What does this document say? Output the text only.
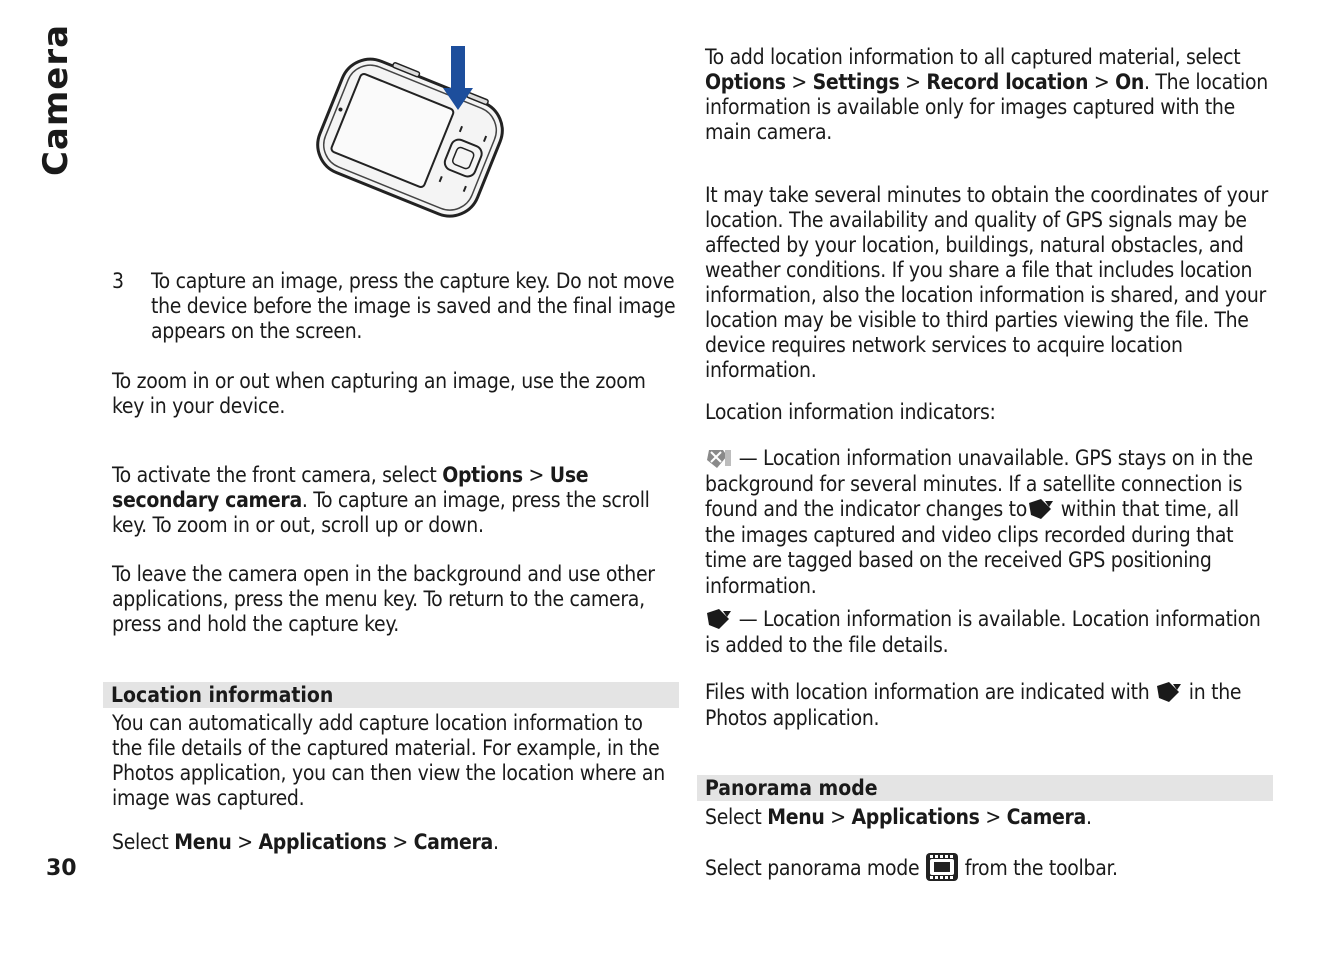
Camera
3	To capture an image, press the capture key. Do not move the device before the image is saved and the final image appears on the screen.

To zoom in or out when capturing an image, use the zoom key in your device.

To activate the front camera, select Options > Use secondary camera. To capture an image, press the scroll key. To zoom in or out, scroll up or down.

To leave the camera open in the background and use other applications, press the menu key. To return to the camera, press and hold the capture key.

Location information

You can automatically add capture location information to the file details of the captured material. For example, in the Photos application, you can then view the location where an image was captured.

Select Menu > Applications > Camera.

30

To add location information to all captured material, select Options > Settings > Record location > On. The location information is available only for images captured with the main camera.

It may take several minutes to obtain the coordinates of your location. The availability and quality of GPS signals may be affected by your location, buildings, natural obstacles, and weather conditions. If you share a file that includes location information, also the location information is shared, and your location may be visible to third parties viewing the file. The device requires network services to acquire location information.

Location information indicators:

— Location information unavailable. GPS stays on in the background for several minutes. If a satellite connection is found and the indicator changes to within that time, all the images captured and video clips recorded during that time are tagged based on the received GPS positioning information.

— Location information is available. Location information is added to the file details.

Files with location information are indicated with  in the Photos application.

Panorama mode

Select Menu > Applications > Camera.

Select panorama mode  from the toolbar.
